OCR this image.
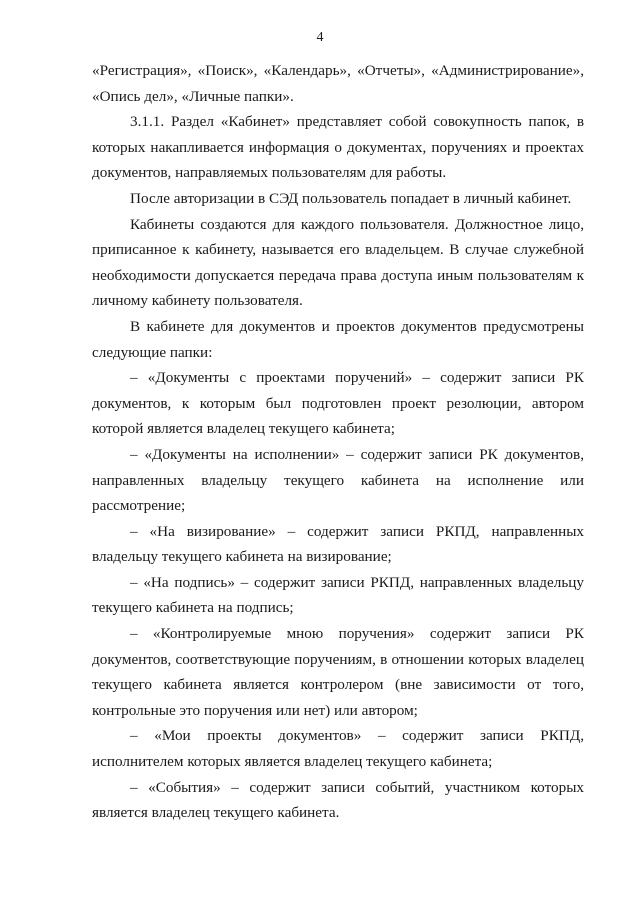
4

«Регистрация», «Поиск», «Календарь», «Отчеты», «Администрирование», «Опись дел», «Личные папки».

3.1.1. Раздел «Кабинет» представляет собой совокупность папок, в которых накапливается информация о документах, поручениях и проектах документов, направляемых пользователям для работы.

После авторизации в СЭД пользователь попадает в личный кабинет.

Кабинеты создаются для каждого пользователя. Должностное лицо, приписанное к кабинету, называется его владельцем. В случае служебной необходимости допускается передача права доступа иным пользователям к личному кабинету пользователя.

В кабинете для документов и проектов документов предусмотрены следующие папки:

– «Документы с проектами поручений» – содержит записи РК документов, к которым был подготовлен проект резолюции, автором которой является владелец текущего кабинета;

– «Документы на исполнении» – содержит записи РК документов, направленных владельцу текущего кабинета на исполнение или рассмотрение;

– «На визирование» – содержит записи РКПД, направленных владельцу текущего кабинета на визирование;

– «На подпись» – содержит записи РКПД, направленных владельцу текущего кабинета на подпись;

– «Контролируемые мною поручения» содержит записи РК документов, соответствующие поручениям, в отношении которых владелец текущего кабинета является контролером (вне зависимости от того, контрольные это поручения или нет) или автором;

– «Мои проекты документов» – содержит записи РКПД, исполнителем которых является владелец текущего кабинета;

– «События» – содержит записи событий, участником которых является владелец текущего кабинета.
